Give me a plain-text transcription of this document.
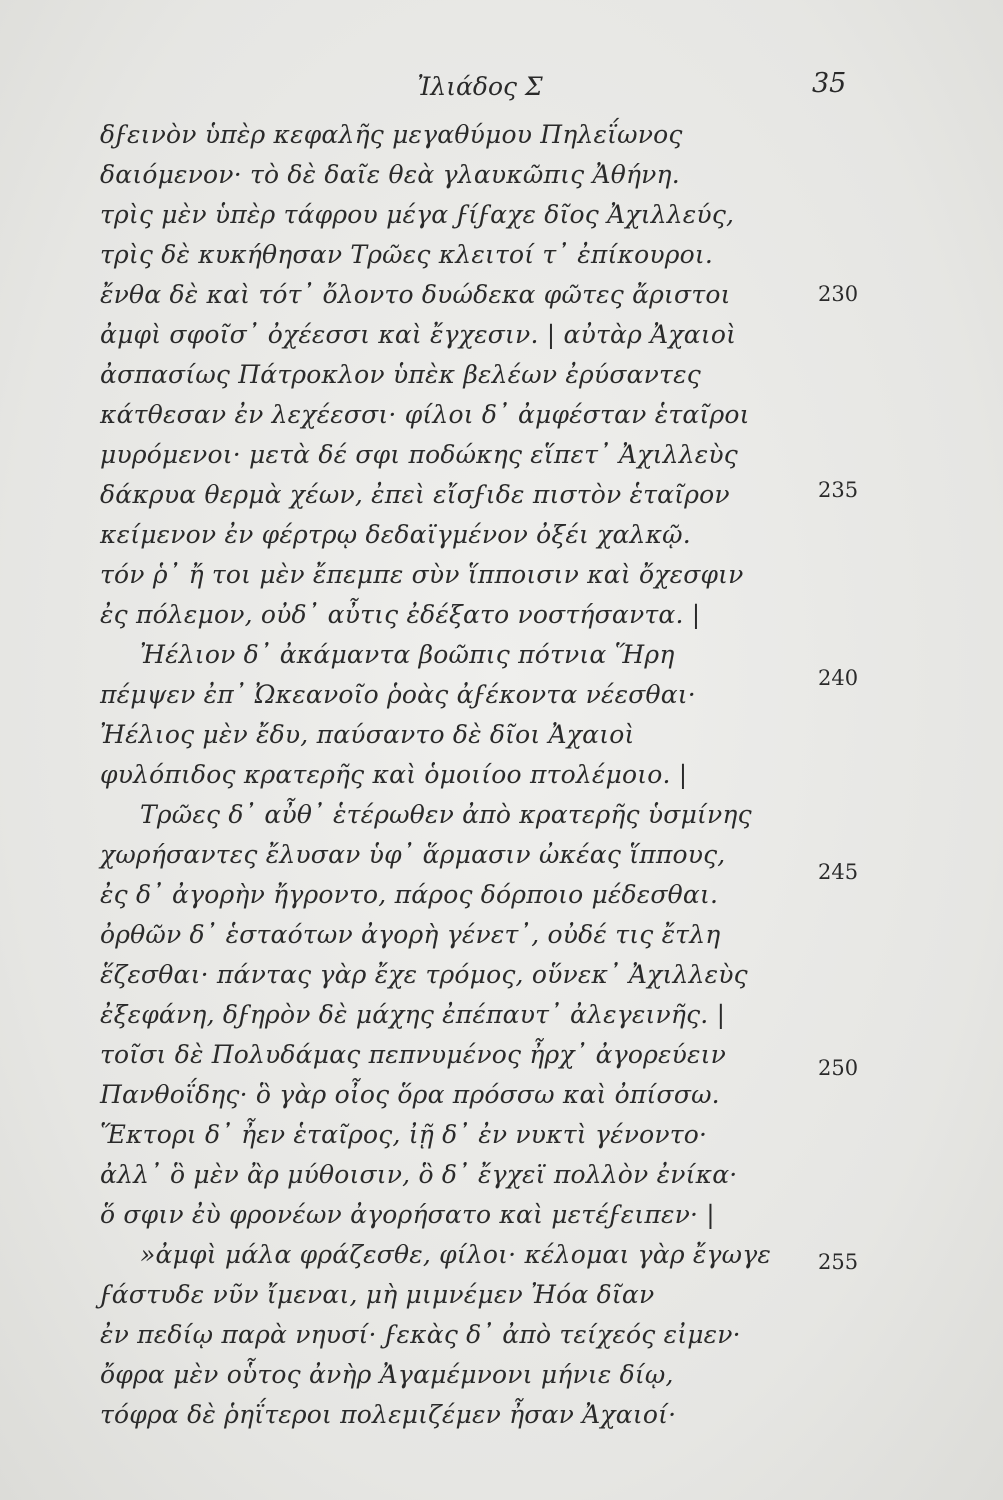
Ἰλιάδος Σ	35
δϝεινὸν ὑπὲρ κεφαλῆς μεγαθύμου Πηλεΐωνος
δαιόμενον· τὸ δὲ δαῖε θεὰ γλαυκῶπις Ἀθήνη.
τρὶς μὲν ὑπὲρ τάφρου μέγα ϝίϝαχε δῖος Ἀχιλλεύς,
τρὶς δὲ κυκήθησαν Τρῶες κλειτοί τ᾽ ἐπίκουροι.
ἔνθα δὲ καὶ τότ᾽ ὄλοντο δυώδεκα φῶτες ἄριστοι
ἀμφὶ σφοῖσ᾽ ὀχέεσσι καὶ ἔγχεσιν. | αὐτὰρ Ἀχαιοὶ
ἀσπασίως Πάτροκλον ὑπὲκ βελέων ἐρύσαντες
κάτθεσαν ἐν λεχέεσσι· φίλοι δ᾽ ἀμφέσταν ἑταῖροι
μυρόμενοι· μετὰ δέ σφι ποδώκης εἵπετ᾽ Ἀχιλλεὺς
δάκρυα θερμὰ χέων, ἐπεὶ εἴσϝιδε πιστὸν ἑταῖρον
κείμενον ἐν φέρτρῳ δεδαϊγμένον ὀξέι χαλκῷ.
τόν ῥ᾽ ἤ τοι μὲν ἔπεμπε σὺν ἵπποισιν καὶ ὄχεσφιν
ἐς πόλεμον, οὐδ᾽ αὖτις ἐδέξατο νοστήσαντα. |
Ἠέλιον δ᾽ ἀκάμαντα βοῶπις πότνια Ἥρη
πέμψεν ἐπ᾽ Ὠκεανοῖο ῥοὰς ἀϝέκοντα νέεσθαι·
Ἠέλιος μὲν ἔδυ, παύσαντο δὲ δῖοι Ἀχαιοὶ
φυλόπιδος κρατερῆς καὶ ὁμοιίοο πτολέμοιο. |
Τρῶες δ᾽ αὖθ᾽ ἑτέρωθεν ἀπὸ κρατερῆς ὑσμίνης
χωρήσαντες ἔλυσαν ὑφ᾽ ἅρμασιν ὠκέας ἵππους,
ἐς δ᾽ ἀγορὴν ἤγροντο, πάρος δόρποιο μέδεσθαι.
ὀρθῶν δ᾽ ἑσταότων ἀγορὴ γένετ᾽, οὐδέ τις ἔτλη
ἕζεσθαι· πάντας γὰρ ἔχε τρόμος, οὕνεκ᾽ Ἀχιλλεὺς
ἐξεφάνη, δϝηρὸν δὲ μάχης ἐπέπαυτ᾽ ἀλεγεινῆς. |
τοῖσι δὲ Πολυδάμας πεπνυμένος ἦρχ᾽ ἀγορεύειν
Πανθοΐδης· ὃ γὰρ οἶος ὅρα πρόσσω καὶ ὀπίσσω.
Ἕκτορι δ᾽ ἦεν ἑταῖρος, ἰῇ δ᾽ ἐν νυκτὶ γένοντο·
ἀλλ᾽ ὃ μὲν ἂρ μύθοισιν, ὃ δ᾽ ἔγχεϊ πολλὸν ἐνίκα·
ὅ σφιν ἐὺ φρονέων ἀγορήσατο καὶ μετέϝειπεν· |
»ἀμφὶ μάλα φράζεσθε, φίλοι· κέλομαι γὰρ ἔγωγε
ϝάστυδε νῦν ἴμεναι, μὴ μιμνέμεν Ἠόα δῖαν
ἐν πεδίῳ παρὰ νηυσί· ϝεκὰς δ᾽ ἀπὸ τείχεός εἰμεν·
ὄφρα μὲν οὗτος ἀνὴρ Ἀγαμέμνονι μήνιε δίῳ,
τόφρα δὲ ῥηΐτεροι πολεμιζέμεν ἦσαν Ἀχαιοί·
230
235
240
245
250
255
